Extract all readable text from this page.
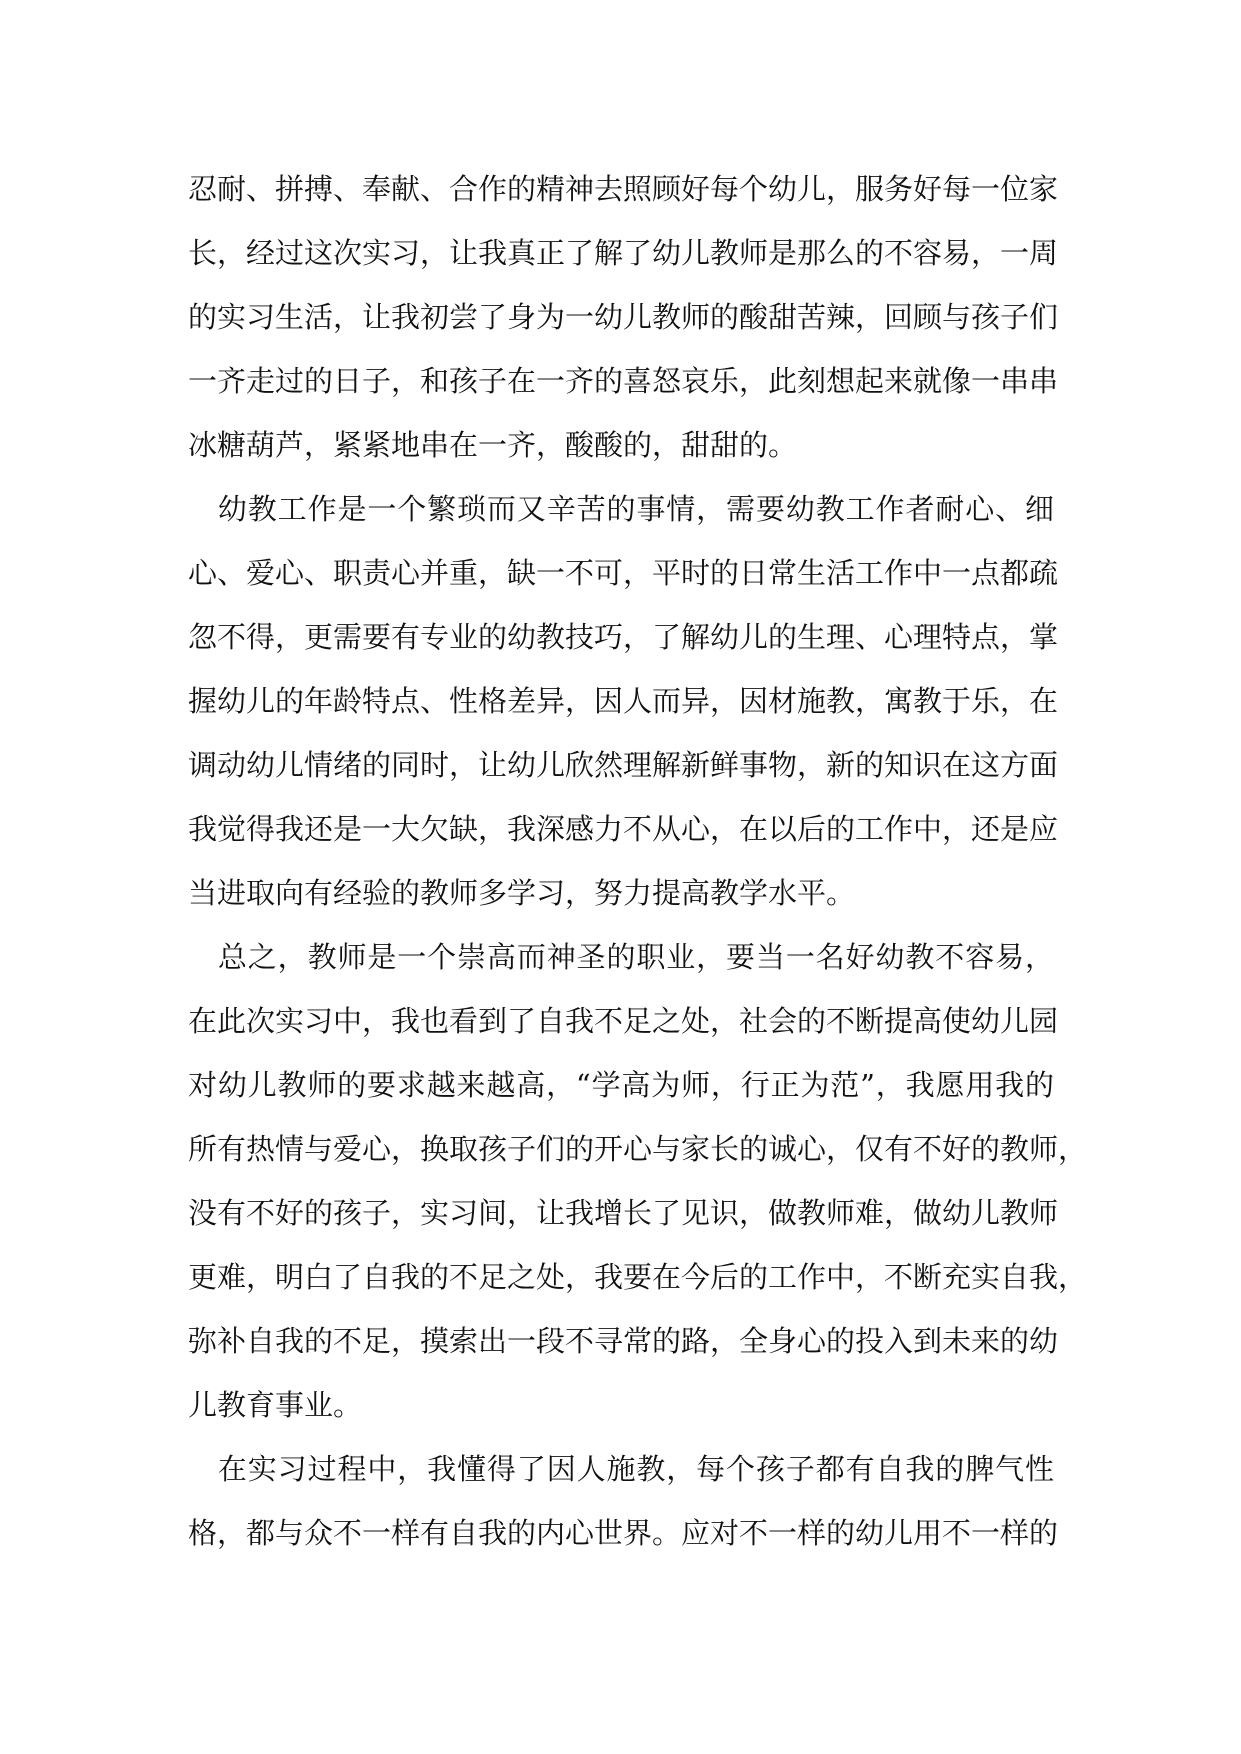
忍耐、拼搏、奉献、合作的精神去照顾好每个幼儿，服务好每一位家
长，经过这次实习，让我真正了解了幼儿教师是那么的不容易，一周
的实习生活，让我初尝了身为一幼儿教师的酸甜苦辣，回顾与孩子们
一齐走过的日子，和孩子在一齐的喜怒哀乐，此刻想起来就像一串串
冰糖葫芦，紧紧地串在一齐，酸酸的，甜甜的。
　幼教工作是一个繁琐而又辛苦的事情，需要幼教工作者耐心、细
心、爱心、职责心并重，缺一不可，平时的日常生活工作中一点都疏
忽不得，更需要有专业的幼教技巧，了解幼儿的生理、心理特点，掌
握幼儿的年龄特点、性格差异，因人而异，因材施教，寓教于乐，在
调动幼儿情绪的同时，让幼儿欣然理解新鲜事物，新的知识在这方面
我觉得我还是一大欠缺，我深感力不从心，在以后的工作中，还是应
当进取向有经验的教师多学习，努力提高教学水平。
　总之，教师是一个崇高而神圣的职业，要当一名好幼教不容易，
在此次实习中，我也看到了自我不足之处，社会的不断提高使幼儿园
对幼儿教师的要求越来越高，“学高为师，行正为范”，我愿用我的
所有热情与爱心，换取孩子们的开心与家长的诚心，仅有不好的教师，
没有不好的孩子，实习间，让我增长了见识，做教师难，做幼儿教师
更难，明白了自我的不足之处，我要在今后的工作中，不断充实自我，
弥补自我的不足，摸索出一段不寻常的路，全身心的投入到未来的幼
儿教育事业。
　在实习过程中，我懂得了因人施教，每个孩子都有自我的脾气性
格，都与众不一样有自我的内心世界。应对不一样的幼儿用不一样的
